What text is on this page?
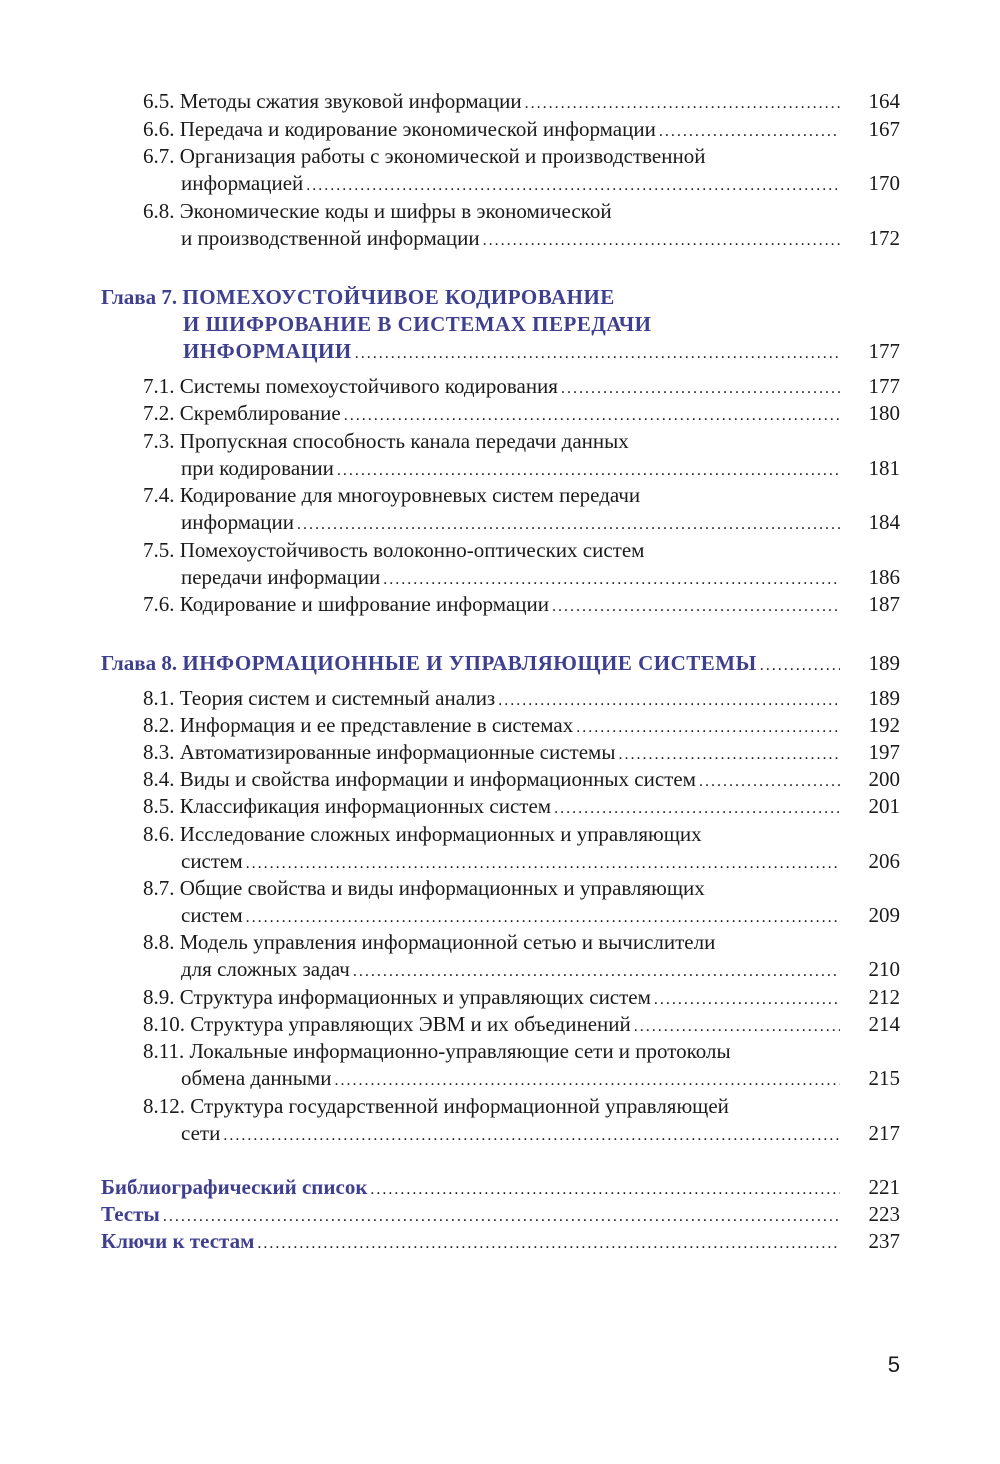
6.5. Методы сжатия звуковой информации .....	164
6.6. Передача и кодирование экономической информации .....	167
6.7. Организация работы с экономической и производственной
информацией .....	170
6.8. Экономические коды и шифры в экономической
и производственной информации .....	172
Глава 7. ПОМЕХОУСТОЙЧИВОЕ КОДИРОВАНИЕ
И ШИФРОВАНИЕ В СИСТЕМАХ ПЕРЕДАЧИ
ИНФОРМАЦИИ .....	177
7.1. Системы помехоустойчивого кодирования .....	177
7.2. Скремблирование .....	180
7.3. Пропускная способность канала передачи данных
при кодировании .....	181
7.4. Кодирование для многоуровневых систем передачи
информации .....	184
7.5. Помехоустойчивость волоконно-оптических систем
передачи информации .....	186
7.6. Кодирование и шифрование информации .....	187
Глава 8.
ИНФОРМАЦИОННЫЕ И УПРАВЛЯЮЩИЕ СИСТЕМЫ .....	189
8.1. Теория систем и системный анализ .....	189
8.2. Информация и ее представление в системах .....	192
8.3. Автоматизированные информационные системы .....	197
8.4. Виды и свойства информации и информационных систем .....	200
8.5. Классификация информационных систем .....	201
8.6. Исследование сложных информационных и управляющих
систем .....	206
8.7. Общие свойства и виды информационных и управляющих
систем .....	209
8.8. Модель управления информационной сетью и вычислители
для сложных задач .....	210
8.9. Структура информационных и управляющих систем .....	212
8.10. Структура управляющих ЭВМ и их объединений .....	214
8.11. Локальные информационно-управляющие сети и протоколы
обмена данными .....	215
8.12. Структура государственной информационной управляющей
сети .....	217
Библиографический список .....	221
Тесты .....	223
Ключи к тестам .....	237
5
